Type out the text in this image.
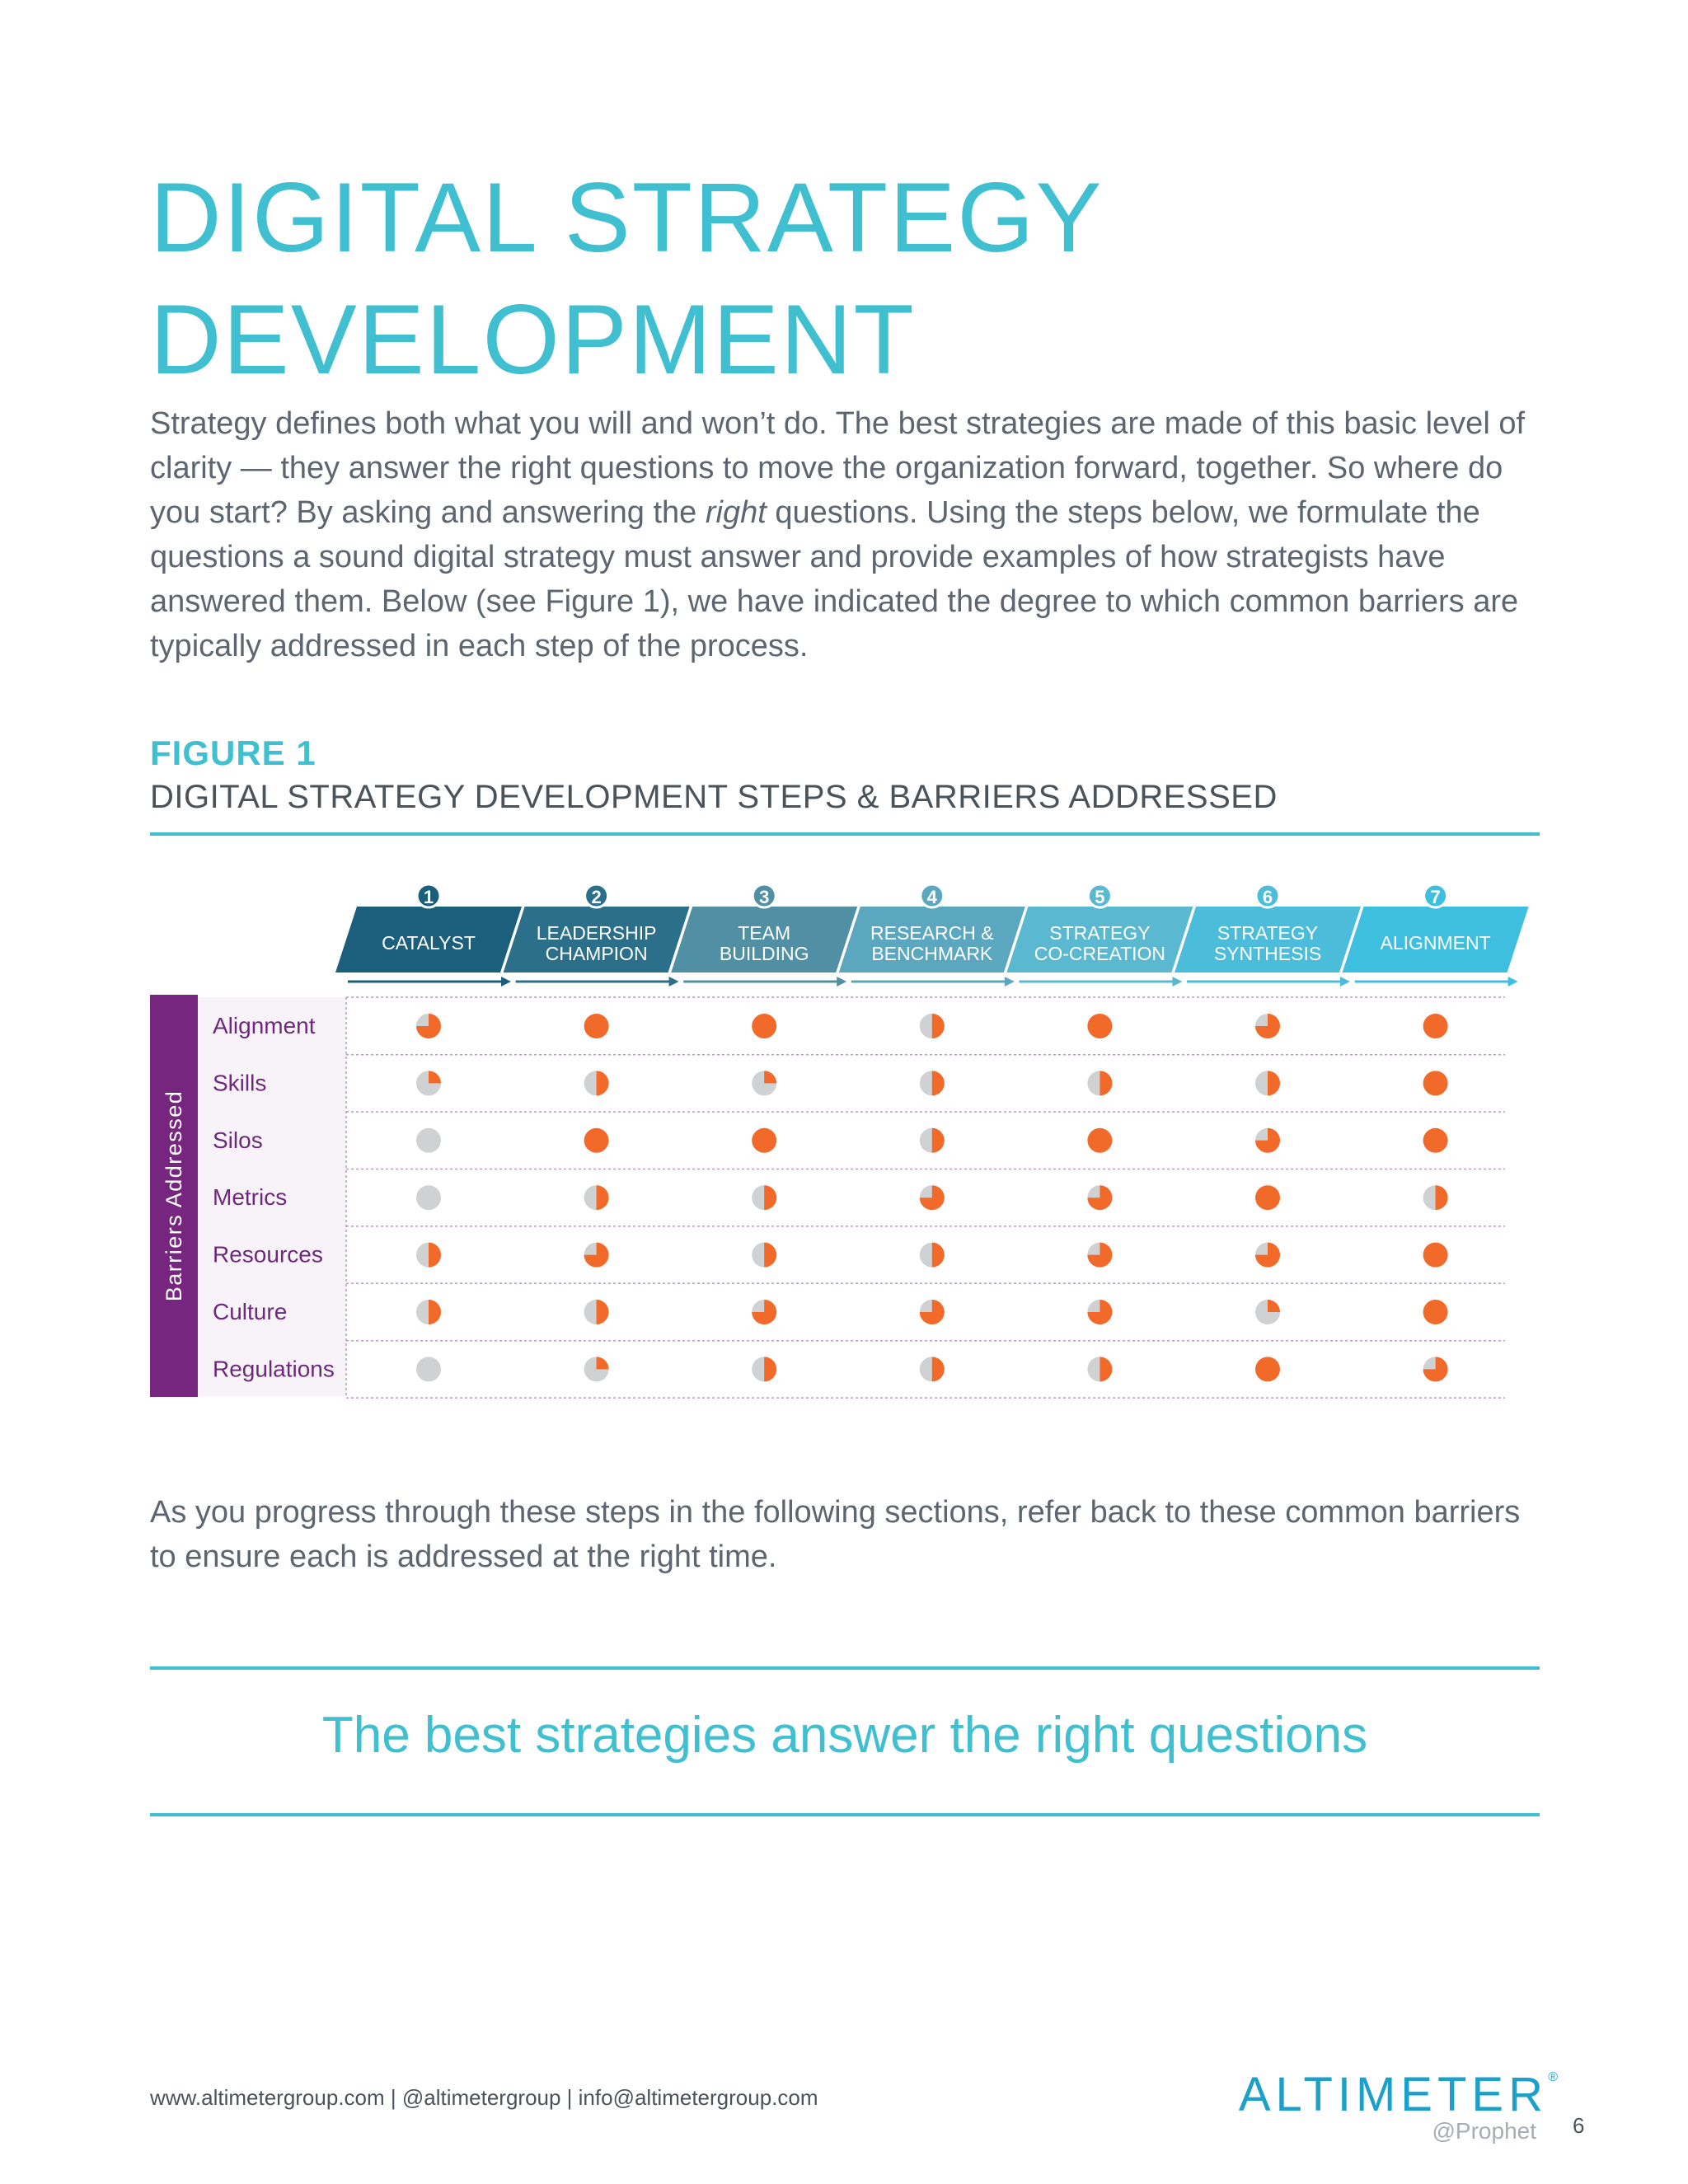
DIGITAL STRATEGY
DEVELOPMENT

Strategy defines both what you will and won’t do. The best strategies are made of this basic level of clarity — they answer the right questions to move the organization forward, together. So where do you start? By asking and answering the right questions. Using the steps below, we formulate the questions a sound digital strategy must answer and provide examples of how strategists have answered them. Below (see Figure 1), we have indicated the degree to which common barriers are typically addressed in each step of the process.

FIGURE 1
DIGITAL STRATEGY DEVELOPMENT STEPS & BARRIERS ADDRESSED
Barriers Addressed
1
CATALYST
2
LEADERSHIP
CHAMPION
3
TEAM
BUILDING
4
RESEARCH &
BENCHMARK
5
STRATEGY
CO-CREATION
6
STRATEGY
SYNTHESIS
7
ALIGNMENT
Alignment
Skills
Silos
Metrics
Resources
Culture
Regulations

As you progress through these steps in the following sections, refer back to these common barriers to ensure each is addressed at the right time.

The best strategies answer the right questions

www.altimetergroup.com | @altimetergroup | info@altimetergroup.com	ALTIMETER ®
@Prophet 6
